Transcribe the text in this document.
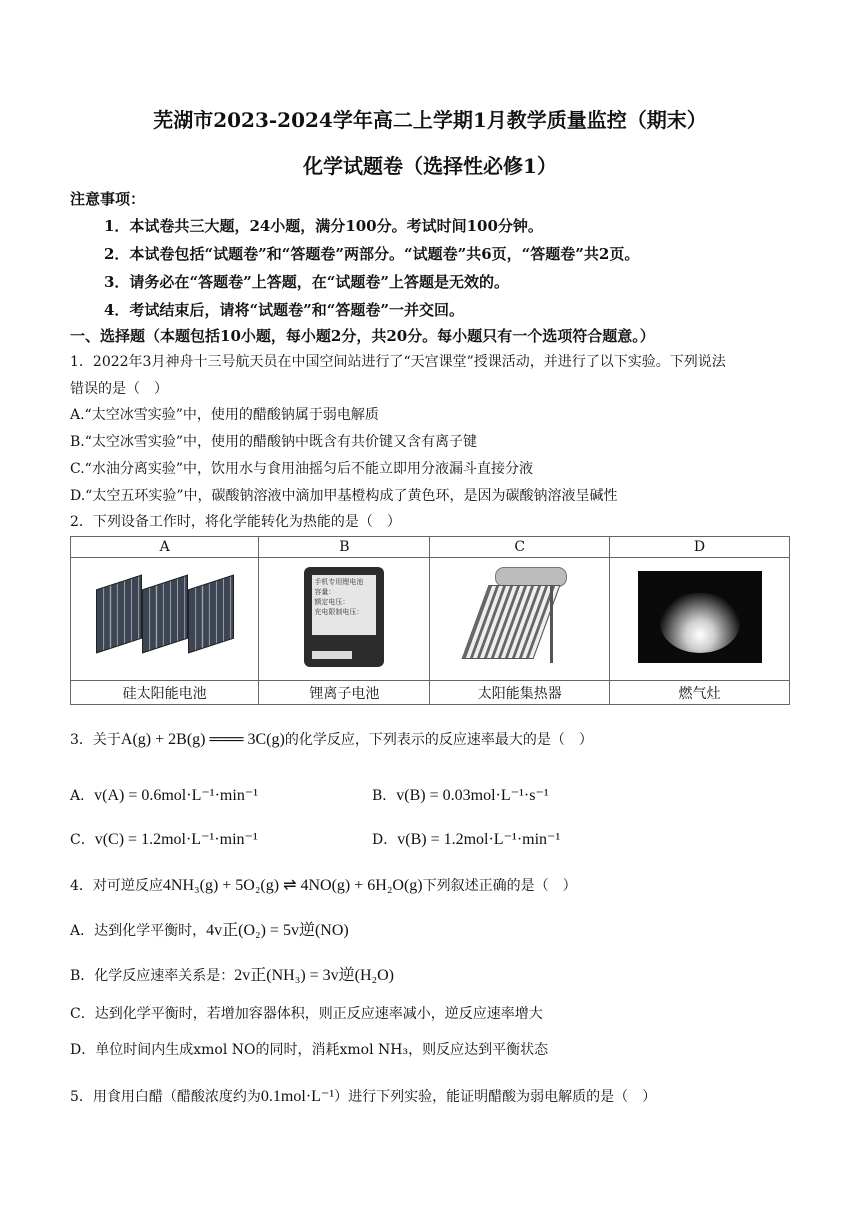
芜湖市2023-2024学年高二上学期1月教学质量监控（期末）
化学试题卷（选择性必修1）
注意事项：
1．本试卷共三大题，24小题，满分100分。考试时间100分钟。
2．本试卷包括“试题卷”和“答题卷”两部分。“试题卷”共6页，“答题卷”共2页。
3．请务必在“答题卷”上答题，在“试题卷”上答题是无效的。
4．考试结束后，请将“试题卷”和“答题卷”一并交回。
一、选择题（本题包括10小题，每小题2分，共20分。每小题只有一个选项符合题意。）
1．2022年3月神舟十三号航天员在中国空间站进行了“天宫课堂”授课活动，并进行了以下实验。下列说法
错误的是（　）
A.“太空冰雪实验”中，使用的醋酸钠属于弱电解质
B.“太空冰雪实验”中，使用的醋酸钠中既含有共价键又含有离子键
C.“水油分离实验”中，饮用水与食用油摇匀后不能立即用分液漏斗直接分液
D.“太空五环实验”中，碳酸钠溶液中滴加甲基橙构成了黄色环，是因为碳酸钠溶液呈碱性
2．下列设备工作时，将化学能转化为热能的是（　）
A	B	C	D

	手机专用锂电池
容量：
额定电压：
充电限制电压：		

硅太阳能电池	锂离子电池	太阳能集热器	燃气灶
3．关于A(g) + 2B(g) ═══ 3C(g)的化学反应，下列表示的反应速率最大的是（　）
A．v(A) = 0.6mol·L⁻¹·min⁻¹	B．v(B) = 0.03mol·L⁻¹·s⁻¹
C．v(C) = 1.2mol·L⁻¹·min⁻¹	D．v(B) = 1.2mol·L⁻¹·min⁻¹
4．对可逆反应4NH₃(g) + 5O₂(g) ⇌ 4NO(g) + 6H₂O(g)下列叙述正确的是（　）
A．达到化学平衡时，4v正(O₂) = 5v逆(NO)
B．化学反应速率关系是：2v正(NH₃) = 3v逆(H₂O)
C．达到化学平衡时，若增加容器体积，则正反应速率减小，逆反应速率增大
D．单位时间内生成xmol NO的同时，消耗xmol NH₃，则反应达到平衡状态
5．用食用白醋（醋酸浓度约为0.1mol·L⁻¹）进行下列实验，能证明醋酸为弱电解质的是（　）
